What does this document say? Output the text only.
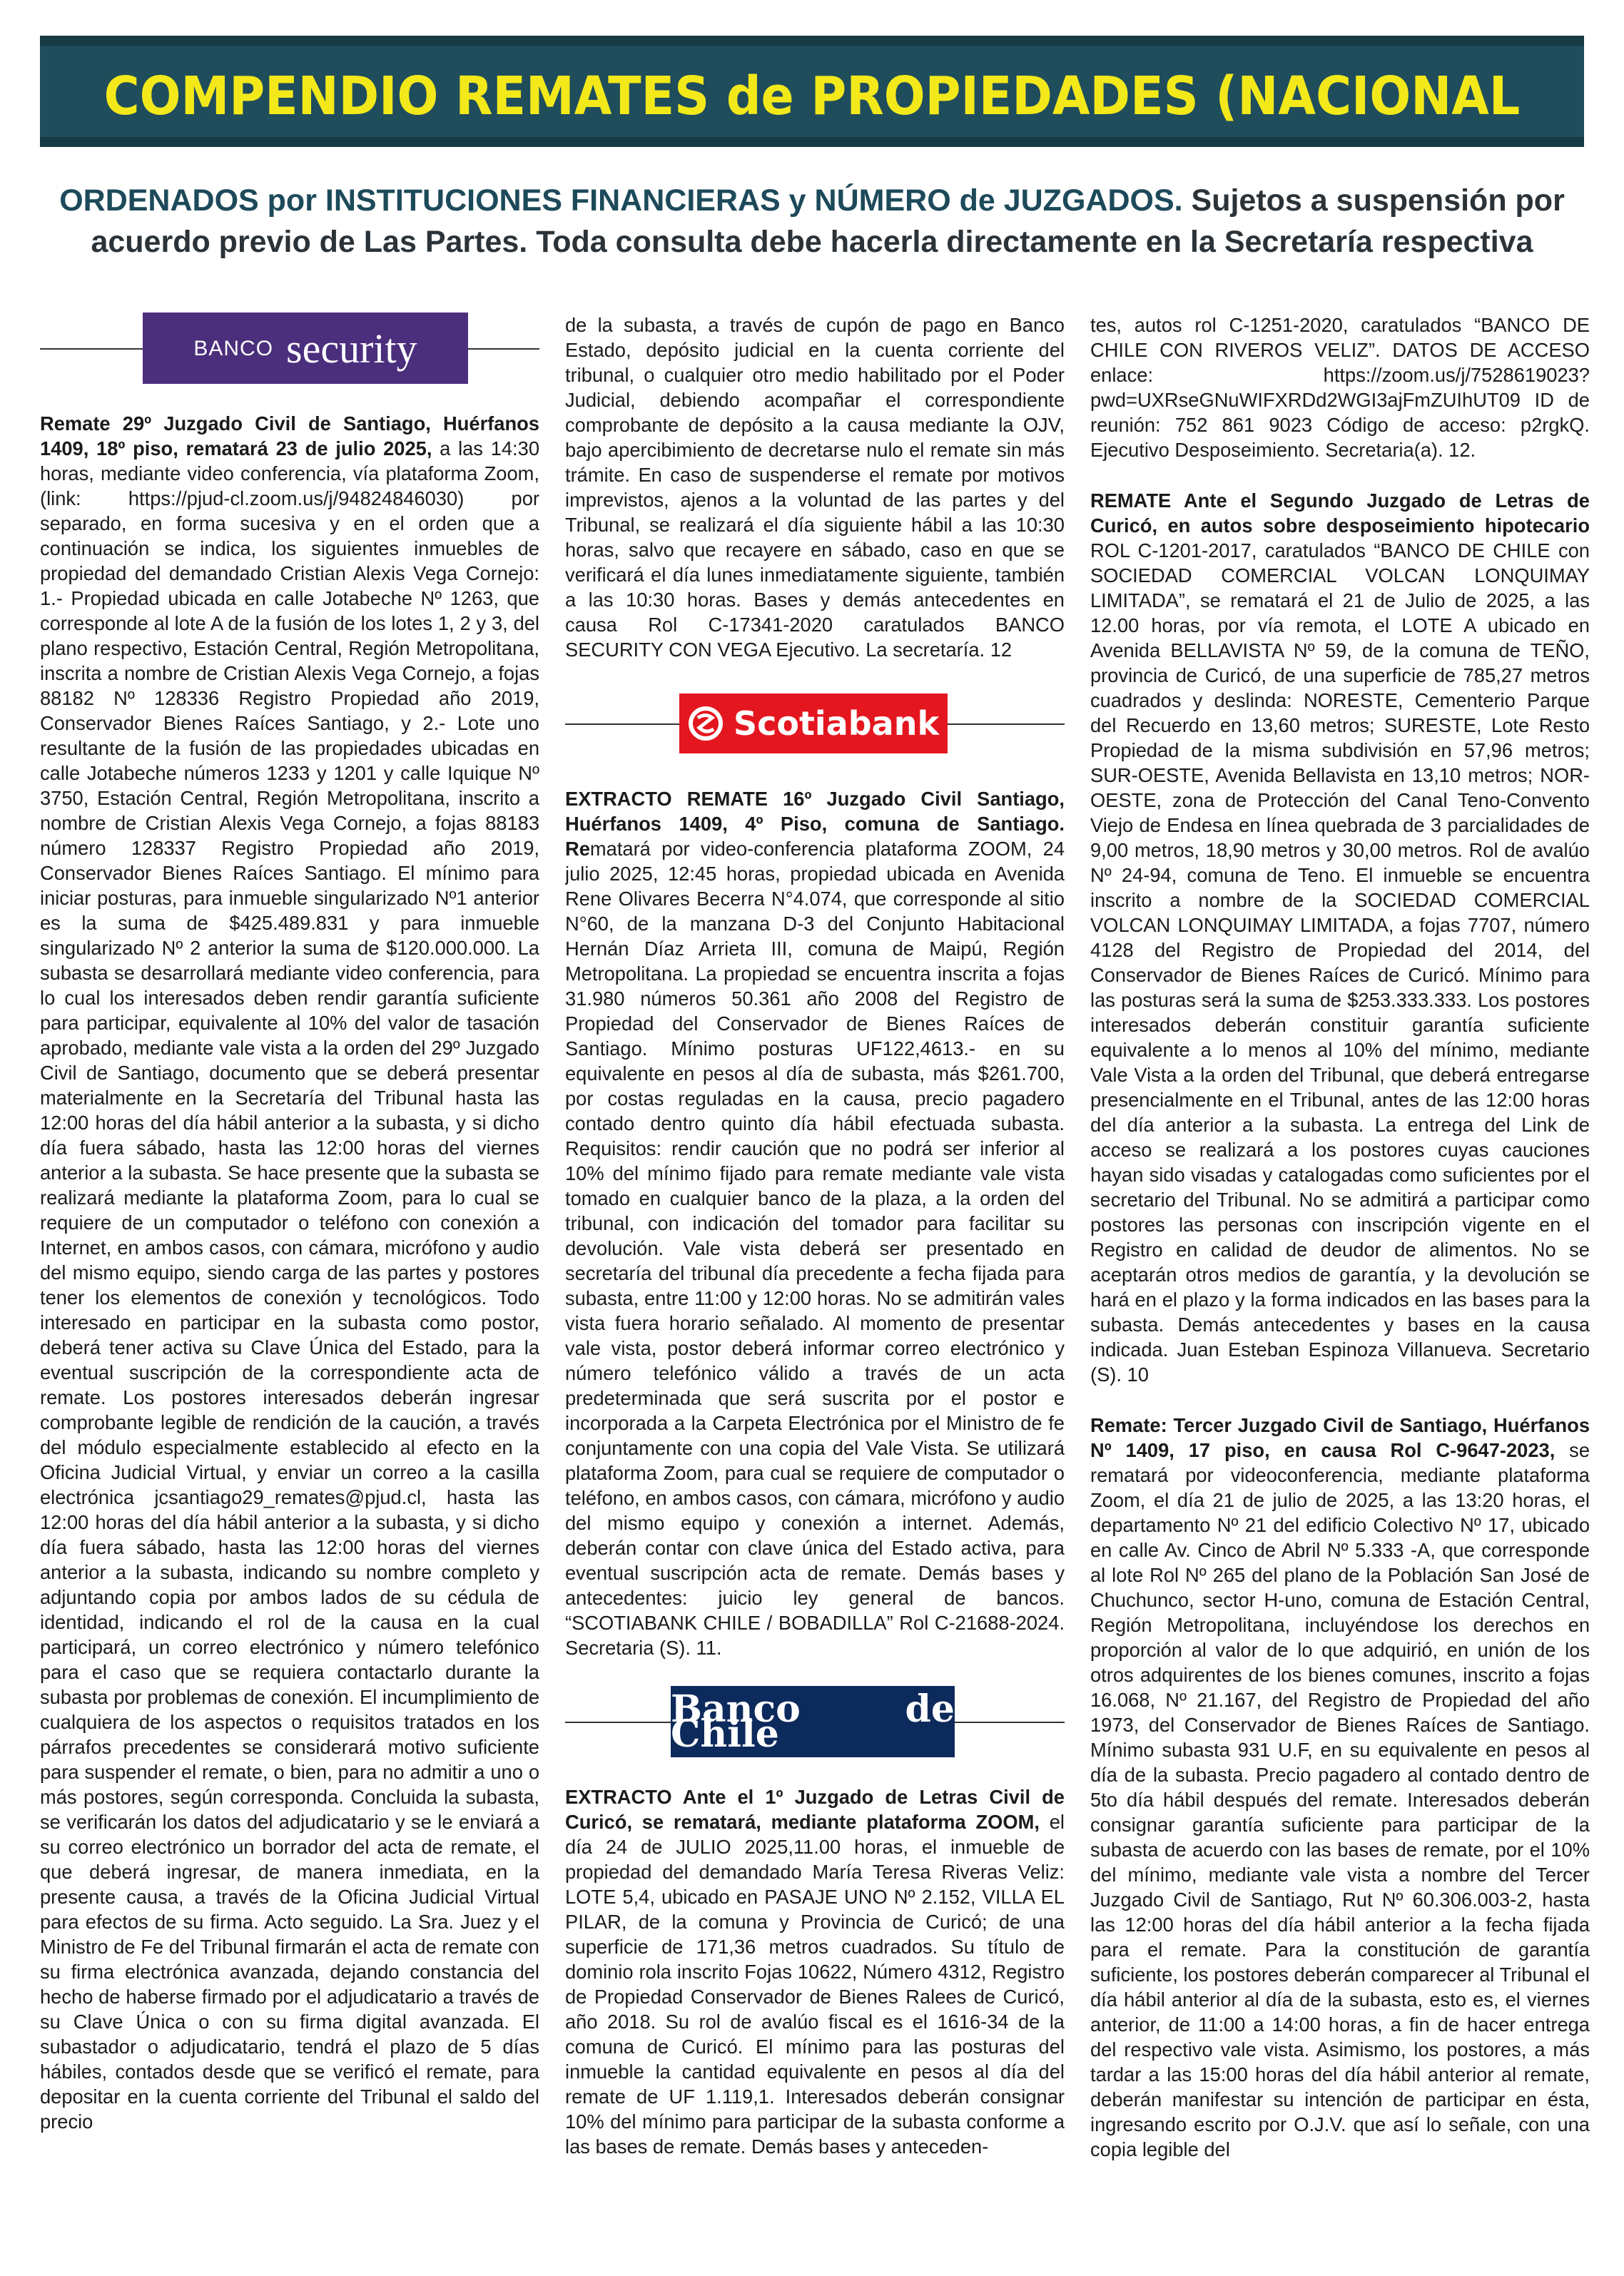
COMPENDIO REMATES de PROPIEDADES (NACIONAL
ORDENADOS por INSTITUCIONES FINANCIERAS y NÚMERO de JUZGADOS. Sujetos a suspensión por acuerdo previo de Las Partes. Toda consulta debe hacerla directamente en la Secretaría respectiva
BANCO security

Remate 29º Juzgado Civil de Santiago, Huérfanos 1409, 18º piso, rematará 23 de julio 2025, a las 14:30 horas, mediante video conferencia, vía plataforma Zoom, (link: https://pjud-cl.zoom.us/j/94824846030) por separado, en forma sucesiva y en el orden que a continuación se indica, los siguientes inmuebles de propiedad del demandado Cristian Alexis Vega Cornejo: 1.- Propiedad ubicada en calle Jotabeche Nº 1263, que corresponde al lote A de la fusión de los lotes 1, 2 y 3, del plano respectivo, Estación Central, Región Metropolitana, inscrita a nombre de Cristian Alexis Vega Cornejo, a fojas 88182 Nº 128336 Registro Propiedad año 2019, Conservador Bienes Raíces Santiago, y 2.- Lote uno resultante de la fusión de las propiedades ubicadas en calle Jotabeche números 1233 y 1201 y calle Iquique Nº 3750, Estación Central, Región Metropolitana, inscrito a nombre de Cristian Alexis Vega Cornejo, a fojas 88183 número 128337 Registro Propiedad año 2019, Conservador Bienes Raíces Santiago. El mínimo para iniciar posturas, para inmueble singularizado Nº1 anterior es la suma de $425.489.831 y para inmueble singularizado Nº 2 anterior la suma de $120.000.000. La subasta se desarrollará mediante video conferencia, para lo cual los interesados deben rendir garantía suficiente para participar, equivalente al 10% del valor de tasación aprobado, mediante vale vista a la orden del 29º Juzgado Civil de Santiago, documento que se deberá presentar materialmente en la Secretaría del Tribunal hasta las 12:00 horas del día hábil anterior a la subasta, y si dicho día fuera sábado, hasta las 12:00 horas del viernes anterior a la subasta. Se hace presente que la subasta se realizará mediante la plataforma Zoom, para lo cual se requiere de un computador o teléfono con conexión a Internet, en ambos casos, con cámara, micrófono y audio del mismo equipo, siendo carga de las partes y postores tener los elementos de conexión y tecnológicos. Todo interesado en participar en la subasta como postor, deberá tener activa su Clave Única del Estado, para la eventual suscripción de la correspondiente acta de remate. Los postores interesados deberán ingresar comprobante legible de rendición de la caución, a través del módulo especialmente establecido al efecto en la Oficina Judicial Virtual, y enviar un correo a la casilla electrónica jcsantiago29_remates@pjud.cl, hasta las 12:00 horas del día hábil anterior a la subasta, y si dicho día fuera sábado, hasta las 12:00 horas del viernes anterior a la subasta, indicando su nombre completo y adjuntando copia por ambos lados de su cédula de identidad, indicando el rol de la causa en la cual participará, un correo electrónico y número telefónico para el caso que se requiera contactarlo durante la subasta por problemas de conexión. El incumplimiento de cualquiera de los aspectos o requisitos tratados en los párrafos precedentes se considerará motivo suficiente para suspender el remate, o bien, para no admitir a uno o más postores, según corresponda. Concluida la subasta, se verificarán los datos del adjudicatario y se le enviará a su correo electrónico un borrador del acta de remate, el que deberá ingresar, de manera inmediata, en la presente causa, a través de la Oficina Judicial Virtual para efectos de su firma. Acto seguido. La Sra. Juez y el Ministro de Fe del Tribunal firmarán el acta de remate con su firma electrónica avanzada, dejando constancia del hecho de haberse firmado por el adjudicatario a través de su Clave Única o con su firma digital avanzada. El subastador o adjudicatario, tendrá el plazo de 5 días hábiles, contados desde que se verificó el remate, para depositar en la cuenta corriente del Tribunal el saldo del precio

de la subasta, a través de cupón de pago en Banco Estado, depósito judicial en la cuenta corriente del tribunal, o cualquier otro medio habilitado por el Poder Judicial, debiendo acompañar el correspondiente comprobante de depósito a la causa mediante la OJV, bajo apercibimiento de decretarse nulo el remate sin más trámite. En caso de suspenderse el remate por motivos imprevistos, ajenos a la voluntad de las partes y del Tribunal, se realizará el día siguiente hábil a las 10:30 horas, salvo que recayere en sábado, caso en que se verificará el día lunes inmediatamente siguiente, también a las 10:30 horas. Bases y demás antecedentes en causa Rol C-17341-2020 caratulados BANCO SECURITY CON VEGA Ejecutivo. La secretaría. 12

Scotiabank

EXTRACTO REMATE 16º Juzgado Civil Santiago, Huérfanos 1409, 4º Piso, comuna de Santiago. Rematará por video-conferencia plataforma ZOOM, 24 julio 2025, 12:45 horas, propiedad ubicada en Avenida Rene Olivares Becerra N°4.074, que corresponde al sitio N°60, de la manzana D-3 del Conjunto Habitacional Hernán Díaz Arrieta III, comuna de Maipú, Región Metropolitana. La propiedad se encuentra inscrita a fojas 31.980 números 50.361 año 2008 del Registro de Propiedad del Conservador de Bienes Raíces de Santiago. Mínimo posturas UF122,4613.- en su equivalente en pesos al día de subasta, más $261.700, por costas reguladas en la causa, precio pagadero contado dentro quinto día hábil efectuada subasta. Requisitos: rendir caución que no podrá ser inferior al 10% del mínimo fijado para remate mediante vale vista tomado en cualquier banco de la plaza, a la orden del tribunal, con indicación del tomador para facilitar su devolución. Vale vista deberá ser presentado en secretaría del tribunal día precedente a fecha fijada para subasta, entre 11:00 y 12:00 horas. No se admitirán vales vista fuera horario señalado. Al momento de presentar vale vista, postor deberá informar correo electrónico y número telefónico válido a través de un acta predeterminada que será suscrita por el postor e incorporada a la Carpeta Electrónica por el Ministro de fe conjuntamente con una copia del Vale Vista. Se utilizará plataforma Zoom, para cual se requiere de computador o teléfono, en ambos casos, con cámara, micrófono y audio del mismo equipo y conexión a internet. Además, deberán contar con clave única del Estado activa, para eventual suscripción acta de remate. Demás bases y antecedentes: juicio ley general de bancos. “SCOTIABANK CHILE / BOBADILLA” Rol C-21688-2024. Secretaria (S). 11.

Banco de Chile

EXTRACTO Ante el 1º Juzgado de Letras Civil de Curicó, se rematará, mediante plataforma ZOOM, el día 24 de JULIO 2025,11.00 horas, el inmueble de propiedad del demandado María Teresa Riveras Veliz: LOTE 5,4, ubicado en PASAJE UNO Nº 2.152, VILLA EL PILAR, de la comuna y Provincia de Curicó; de una superficie de 171,36 metros cuadrados. Su título de dominio rola inscrito Fojas 10622, Número 4312, Registro de Propiedad Conservador de Bienes Ralees de Curicó, año 2018. Su rol de avalúo fiscal es el 1616-34 de la comuna de Curicó. El mínimo para las posturas del inmueble la cantidad equivalente en pesos al día del remate de UF 1.119,1. Interesados deberán consignar 10% del mínimo para participar de la subasta conforme a las bases de remate. Demás bases y anteceden-

tes, autos rol C-1251-2020, caratulados “BANCO DE CHILE CON RIVEROS VELIZ”. DATOS DE ACCESO enlace: https://zoom.us/j/7528619023?pwd=UXRseGNuWIFXRDd2WGI3ajFmZUIhUT09 ID de reunión: 752 861 9023 Código de acceso: p2rgkQ. Ejecutivo Desposeimiento. Secretaria(a). 12.

REMATE Ante el Segundo Juzgado de Letras de Curicó, en autos sobre desposeimiento hipotecario ROL C-1201-2017, caratulados “BANCO DE CHILE con SOCIEDAD COMERCIAL VOLCAN LONQUIMAY LIMITADA”, se rematará el 21 de Julio de 2025, a las 12.00 horas, por vía remota, el LOTE A ubicado en Avenida BELLAVISTA Nº 59, de la comuna de TEÑO, provincia de Curicó, de una superficie de 785,27 metros cuadrados y deslinda: NORESTE, Cementerio Parque del Recuerdo en 13,60 metros; SURESTE, Lote Resto Propiedad de la misma subdivisión en 57,96 metros; SUR-OESTE, Avenida Bellavista en 13,10 metros; NOR-OESTE, zona de Protección del Canal Teno-Convento Viejo de Endesa en línea quebrada de 3 parcialidades de 9,00 metros, 18,90 metros y 30,00 metros. Rol de avalúo Nº 24-94, comuna de Teno. El inmueble se encuentra inscrito a nombre de la SOCIEDAD COMERCIAL VOLCAN LONQUIMAY LIMITADA, a fojas 7707, número 4128 del Registro de Propiedad del 2014, del Conservador de Bienes Raíces de Curicó. Mínimo para las posturas será la suma de $253.333.333. Los postores interesados deberán constituir garantía suficiente equivalente a lo menos al 10% del mínimo, mediante Vale Vista a la orden del Tribunal, que deberá entregarse presencialmente en el Tribunal, antes de las 12:00 horas del día anterior a la subasta. La entrega del Link de acceso se realizará a los postores cuyas cauciones hayan sido visadas y catalogadas como suficientes por el secretario del Tribunal. No se admitirá a participar como postores las personas con inscripción vigente en el Registro en calidad de deudor de alimentos. No se aceptarán otros medios de garantía, y la devolución se hará en el plazo y la forma indicados en las bases para la subasta. Demás antecedentes y bases en la causa indicada. Juan Esteban Espinoza Villanueva. Secretario (S). 10

Remate: Tercer Juzgado Civil de Santiago, Huérfanos Nº 1409, 17 piso, en causa Rol C-9647-2023, se rematará por videoconferencia, mediante plataforma Zoom, el día 21 de julio de 2025, a las 13:20 horas, el departamento Nº 21 del edificio Colectivo Nº 17, ubicado en calle Av. Cinco de Abril Nº 5.333 -A, que corresponde al lote Rol Nº 265 del plano de la Población San José de Chuchunco, sector H-uno, comuna de Estación Central, Región Metropolitana, incluyéndose los derechos en proporción al valor de lo que adquirió, en unión de los otros adquirentes de los bienes comunes, inscrito a fojas 16.068, Nº 21.167, del Registro de Propiedad del año 1973, del Conservador de Bienes Raíces de Santiago. Mínimo subasta 931 U.F, en su equivalente en pesos al día de la subasta. Precio pagadero al contado dentro de 5to día hábil después del remate. Interesados deberán consignar garantía suficiente para participar de la subasta de acuerdo con las bases de remate, por el 10% del mínimo, mediante vale vista a nombre del Tercer Juzgado Civil de Santiago, Rut Nº 60.306.003-2, hasta las 12:00 horas del día hábil anterior a la fecha fijada para el remate. Para la constitución de garantía suficiente, los postores deberán comparecer al Tribunal el día hábil anterior al día de la subasta, esto es, el viernes anterior, de 11:00 a 14:00 horas, a fin de hacer entrega del respectivo vale vista. Asimismo, los postores, a más tardar a las 15:00 horas del día hábil anterior al remate, deberán manifestar su intención de participar en ésta, ingresando escrito por O.J.V. que así lo señale, con una copia legible del
